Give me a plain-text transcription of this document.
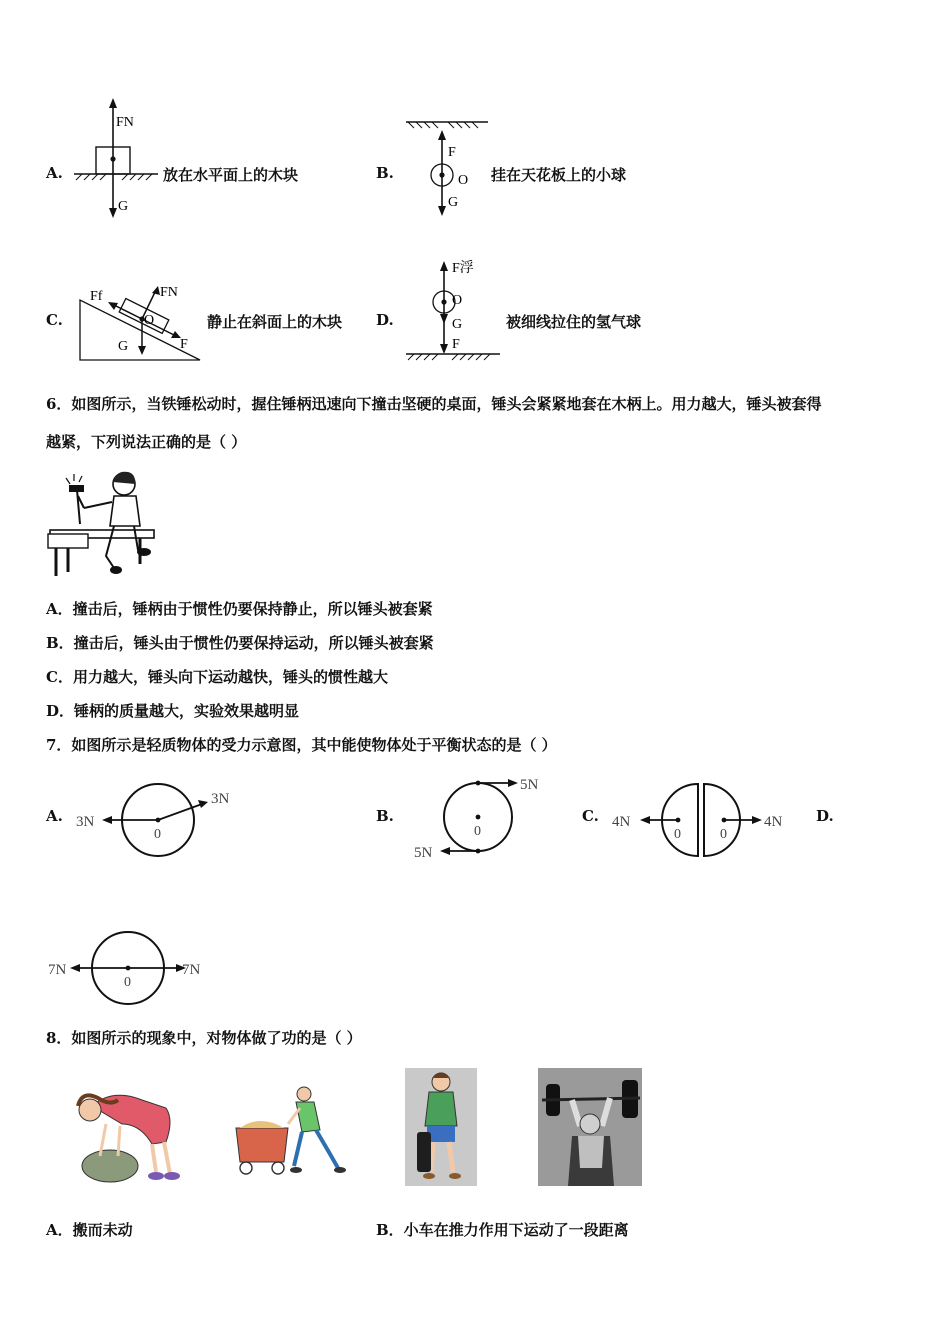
A.
FN
G
放在水平面上的木块	B.
F
O
G
挂在天花板上的小球
C.
Ff	FN
O
G	F
静止在斜面上的木块 D.
F浮
O
G
F
被细线拉住的氢气球
6．如图所示，当铁锤松动时，握住锤柄迅速向下撞击坚硬的桌面，锤头会紧紧地套在木柄上。用力越大，锤头被套得
越紧，下列说法正确的是（ ）
A．撞击后，锤柄由于惯性仍要保持静止，所以锤头被套紧
B．撞击后，锤头由于惯性仍要保持运动，所以锤头被套紧
C．用力越大，锤头向下运动越快，锤头的惯性越大
D．锤柄的质量越大，实验效果越明显
7．如图所示是轻质物体的受力示意图，其中能使物体处于平衡状态的是（ ）
A. 3N
3N
0
B.
5N
5N
0
C. 4N	4N
0	0
D.
7N	7N
0
8．如图所示的现象中，对物体做了功的是（ ）
A．搬而未动	B．小车在推力作用下运动了一段距离
